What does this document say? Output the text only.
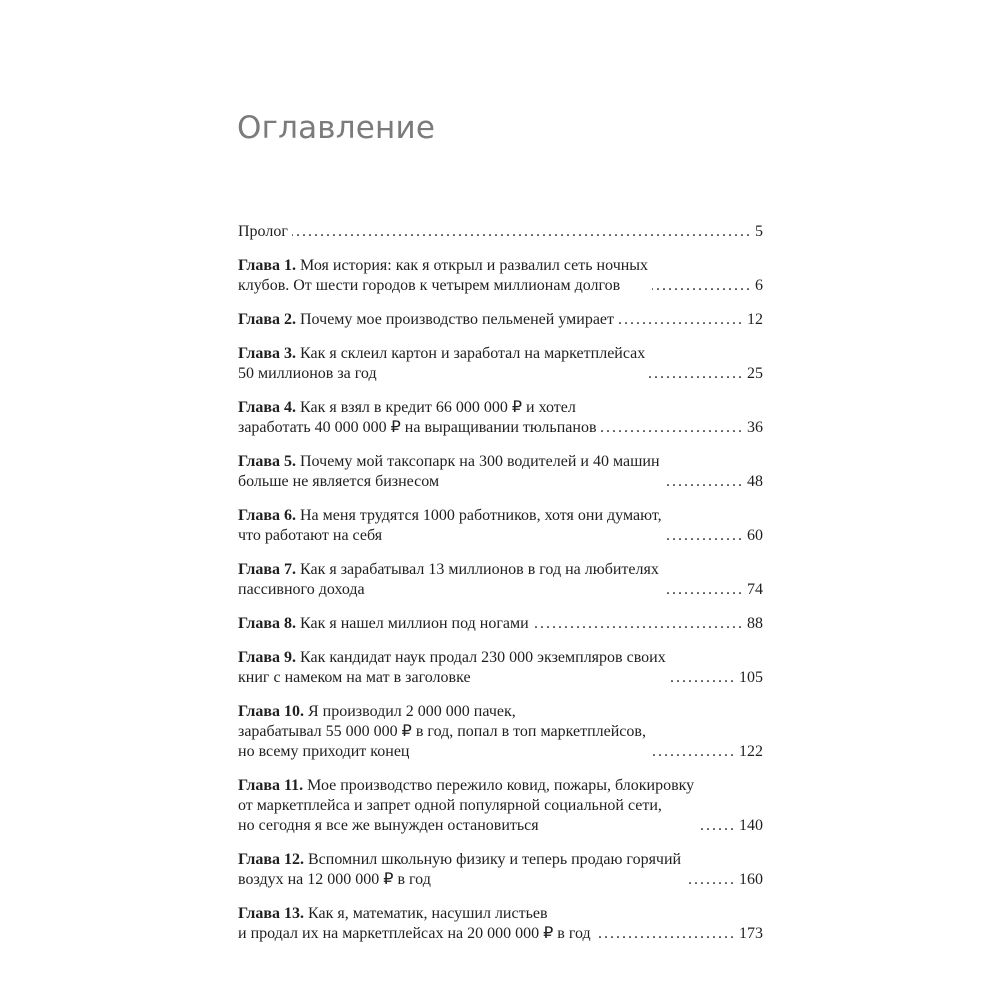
Оглавление
Пролог . . .	5
Глава 1. Моя история: как я открыл и развалил сеть ночных
клубов. От шести городов к четырем миллионам долгов . . .	6
Глава 2. Почему мое производство пельменей умирает . . .	12
Глава 3. Как я склеил картон и заработал на маркетплейсах
50 миллионов за год . . .	25
Глава 4. Как я взял в кредит 66 000 000 ₽ и хотел
заработать 40 000 000 ₽ на выращивании тюльпанов . . .	36
Глава 5. Почему мой таксопарк на 300 водителей и 40 машин
больше не является бизнесом . . .	48
Глава 6. На меня трудятся 1000 работников, хотя они думают,
что работают на себя . . .	60
Глава 7. Как я зарабатывал 13 миллионов в год на любителях
пассивного дохода . . .	74
Глава 8. Как я нашел миллион под ногами . . .	88
Глава 9. Как кандидат наук продал 230 000 экземпляров своих
книг с намеком на мат в заголовке . . .	105
Глава 10. Я производил 2 000 000 пачек,
зарабатывал 55 000 000 ₽ в год, попал в топ маркетплейсов,
но всему приходит конец . . .	122
Глава 11. Мое производство пережило ковид, пожары, блокировку
от маркетплейса и запрет одной популярной социальной сети,
но сегодня я все же вынужден остановиться . . .	140
Глава 12. Вспомнил школьную физику и теперь продаю горячий
воздух на 12 000 000 ₽ в год . . .	160
Глава 13. Как я, математик, насушил листьев
и продал их на маркетплейсах на 20 000 000 ₽ в год . . .	173
